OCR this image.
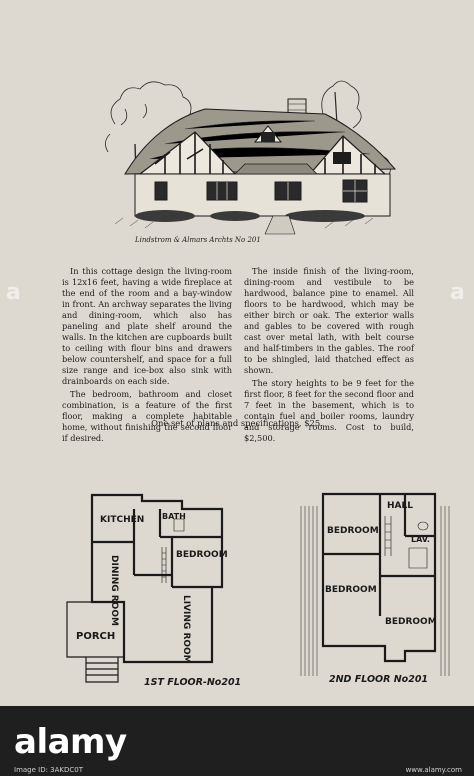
Lindstrom & Almars Archts No 201

In this cottage design the living-room is 12x16 feet, having a wide fireplace at the end of the room and a bay-window in front. An archway separates the living and dining-room, which also has paneling and plate shelf around the walls. In the kitchen are cupboards built to ceiling with flour bins and drawers below countershelf, and space for a full size range and ice-box also sink with drainboards on each side.

The bedroom, bathroom and closet combination, is a feature of the first floor, making a complete habitable home, without finishing the second floor if desired.

The inside finish of the living-room, dining-room and vestibule to be hardwood, balance pine to enamel. All floors to be hardwood, which may be either birch or oak. The exterior walls and gables to be covered with rough cast over metal lath, with belt course and half-timbers in the gables. The roof to be shingled, laid thatched effect as shown.

The story heights to be 9 feet for the first floor, 8 feet for the second floor and 7 feet in the basement, which is to contain fuel and boiler rooms, laundry and storage rooms. Cost to build, $2,500.

One set of plans and specifications, $25.
KITCHEN BATH
BEDROOM
DINING ROOM
LIVING ROOM
PORCH
1ST FLOOR-No201
HALL
BEDROOM
LAV.
BEDROOM
BEDROOM
2ND FLOOR No201
a	a
alamy
Image ID: 3AKDC0T	www.alamy.com
